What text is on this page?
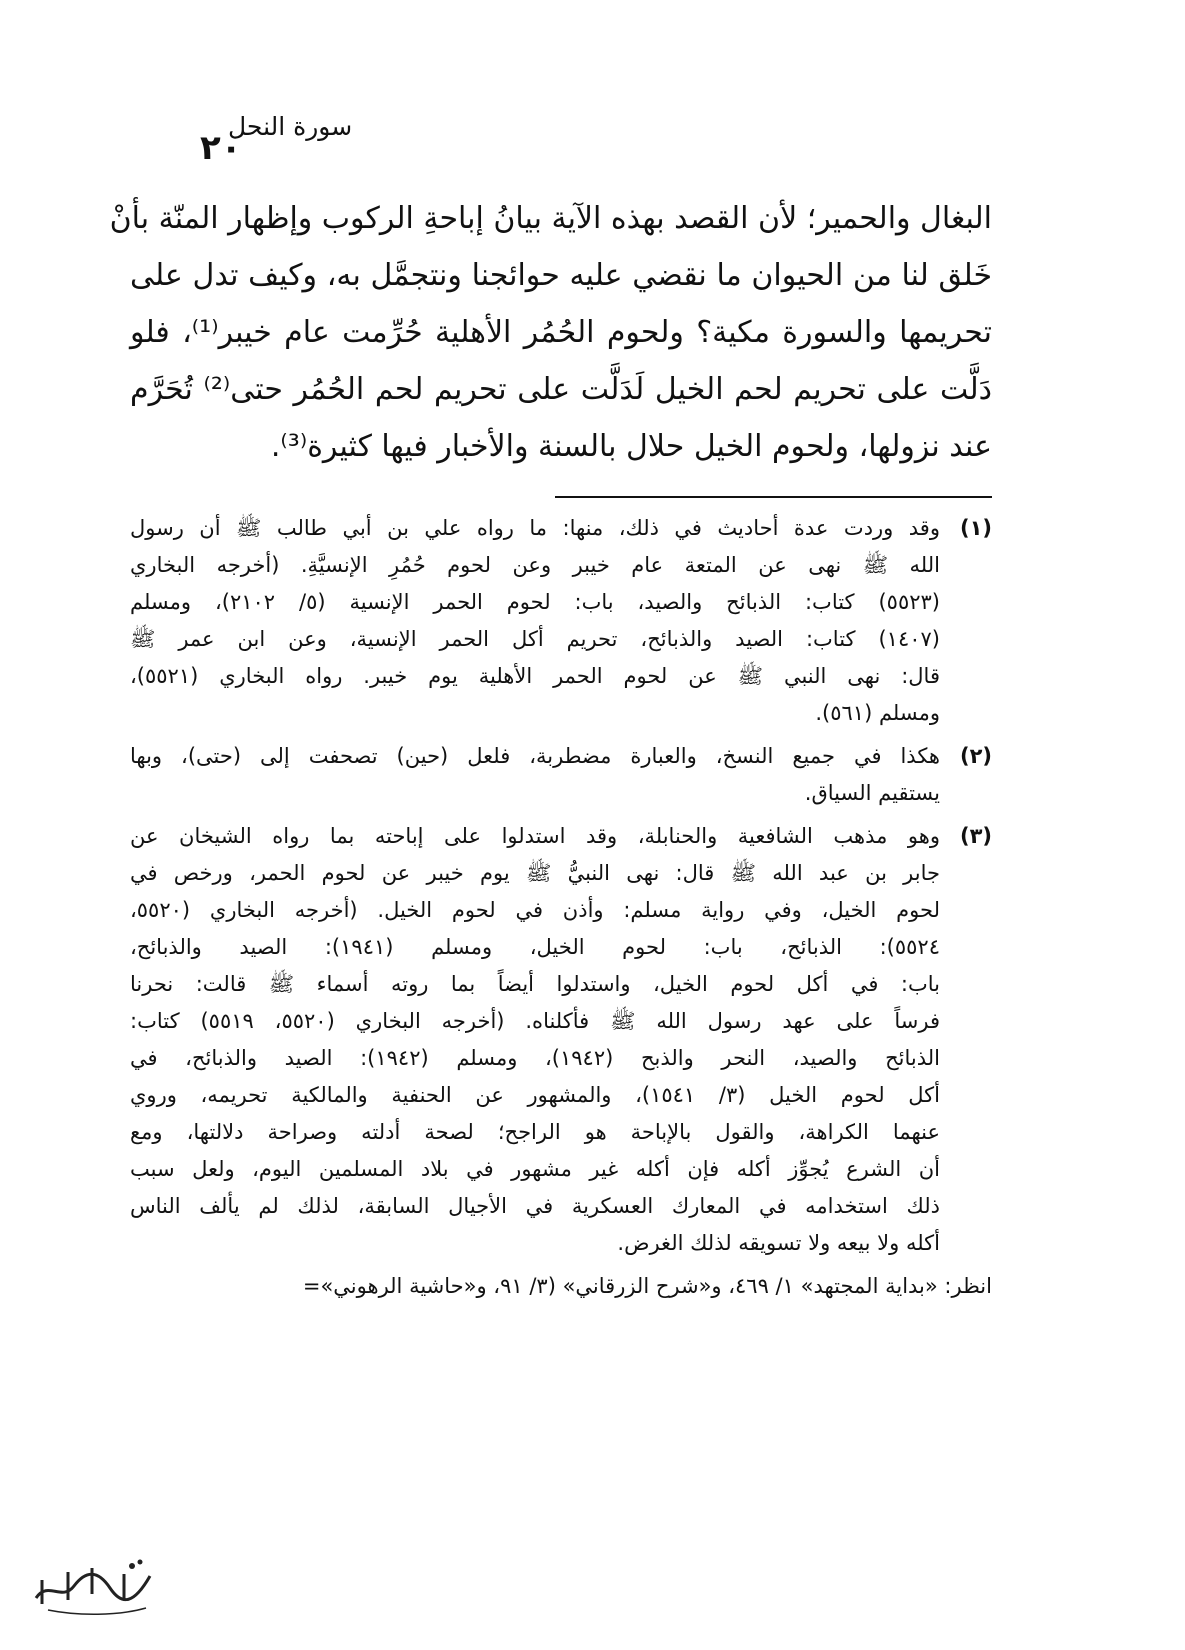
٢٠
سورة النحل
البغال والحمير؛ لأن القصد بهذه الآية بيانُ إباحةِ الركوب وإظهار المنّة بأنْ
خَلق لنا من الحيوان ما نقضي عليه حوائجنا ونتجمَّل به، وكيف تدل على
تحريمها والسورة مكية؟ ولحوم الحُمُر الأهلية حُرِّمت عام خيبر⁽¹⁾، فلو
دَلَّت على تحريم لحم الخيل لَدَلَّت على تحريم لحم الحُمُر حتى⁽²⁾ تُحَرَّم
عند نزولها، ولحوم الخيل حلال بالسنة والأخبار فيها كثيرة⁽³⁾.
(١)
وقد وردت عدة أحاديث في ذلك، منها: ما رواه علي بن أبي طالب ﷺ أن رسول
الله ﷺ نهى عن المتعة عام خيبر وعن لحوم حُمُرِ الإنسيَّةِ. (أخرجه البخاري
(٥٥٢٣) كتاب: الذبائح والصيد، باب: لحوم الحمر الإنسية (٥/ ٢١٠٢)، ومسلم
(١٤٠٧) كتاب: الصيد والذبائح، تحريم أكل الحمر الإنسية، وعن ابن عمر ﷺ
قال: نهى النبي ﷺ عن لحوم الحمر الأهلية يوم خيبر. رواه البخاري (٥٥٢١)،
ومسلم (٥٦١).
(٢)
هكذا في جميع النسخ، والعبارة مضطربة، فلعل (حين) تصحفت إلى (حتى)، وبها
يستقيم السياق.
(٣)
وهو مذهب الشافعية والحنابلة، وقد استدلوا على إباحته بما رواه الشيخان عن
جابر بن عبد الله ﷺ قال: نهى النبيُّ ﷺ يوم خيبر عن لحوم الحمر، ورخص في
لحوم الخيل، وفي رواية مسلم: وأذن في لحوم الخيل. (أخرجه البخاري (٥٥٢٠،
٥٥٢٤): الذبائح، باب: لحوم الخيل، ومسلم (١٩٤١): الصيد والذبائح،
باب: في أكل لحوم الخيل، واستدلوا أيضاً بما روته أسماء ﷺ قالت: نحرنا
فرساً على عهد رسول الله ﷺ فأكلناه. (أخرجه البخاري (٥٥٢٠، ٥٥١٩) كتاب:
الذبائح والصيد، النحر والذبح (١٩٤٢)، ومسلم (١٩٤٢): الصيد والذبائح، في
أكل لحوم الخيل (٣/ ١٥٤١)، والمشهور عن الحنفية والمالكية تحريمه، وروي
عنهما الكراهة، والقول بالإباحة هو الراجح؛ لصحة أدلته وصراحة دلالتها، ومع
أن الشرع يُجوِّز أكله فإن أكله غير مشهور في بلاد المسلمين اليوم، ولعل سبب
ذلك استخدامه في المعارك العسكرية في الأجيال السابقة، لذلك لم يألف الناس
أكله ولا بيعه ولا تسويقه لذلك الغرض.
انظر: «بداية المجتهد» ١/ ٤٦٩، و«شرح الزرقاني» (٣/ ٩١، و«حاشية الرهوني»=
